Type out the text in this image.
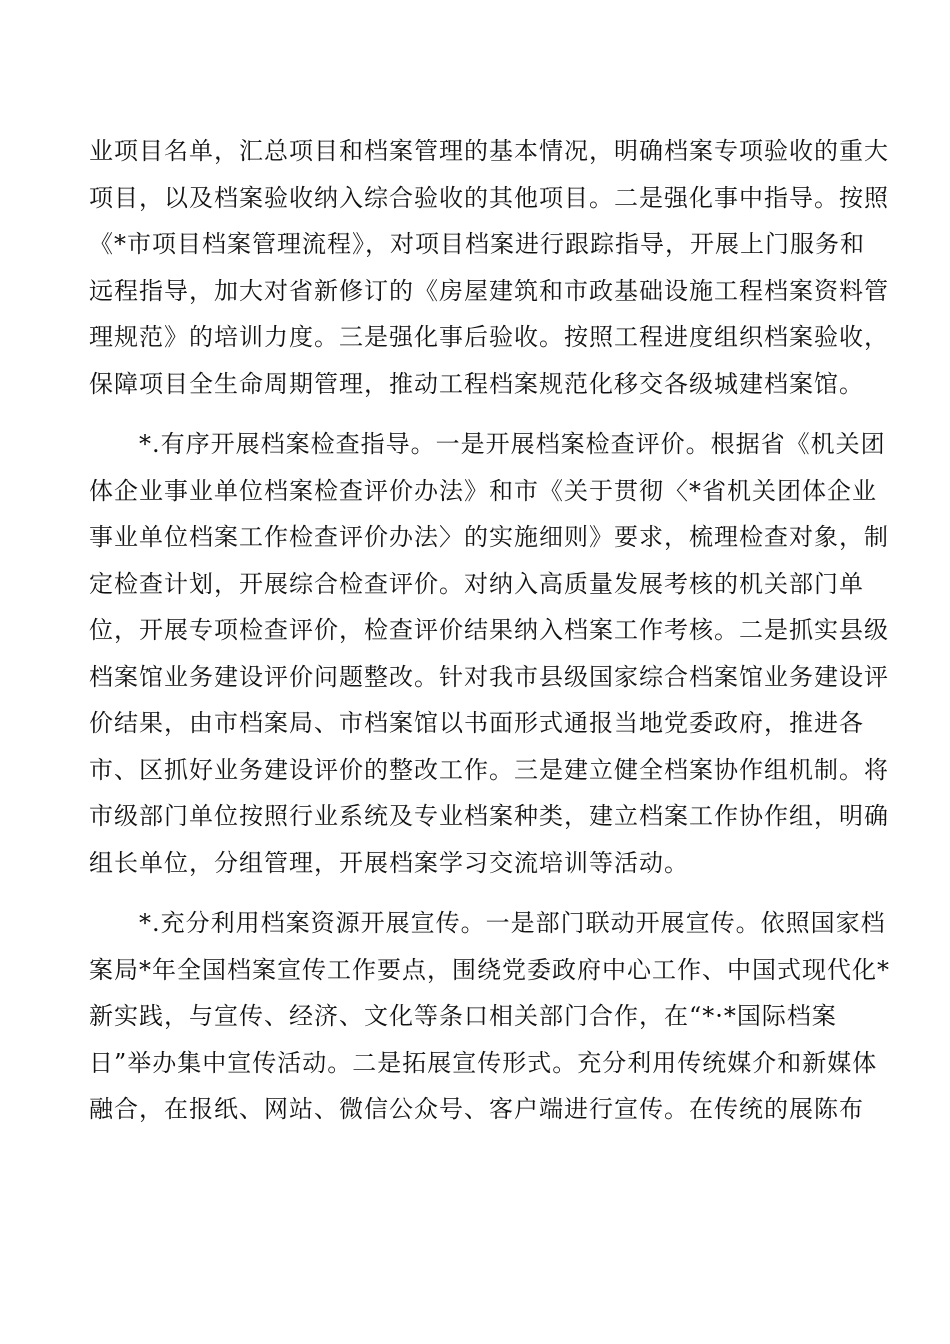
业项目名单，汇总项目和档案管理的基本情况，明确档案专项验收的重大
项目，以及档案验收纳入综合验收的其他项目。二是强化事中指导。按照
《*市项目档案管理流程》，对项目档案进行跟踪指导，开展上门服务和
远程指导，加大对省新修订的《房屋建筑和市政基础设施工程档案资料管
理规范》的培训力度。三是强化事后验收。按照工程进度组织档案验收，
保障项目全生命周期管理，推动工程档案规范化移交各级城建档案馆。
*.有序开展档案检查指导。一是开展档案检查评价。根据省《机关团
体企业事业单位档案检查评价办法》和市《关于贯彻〈*省机关团体企业
事业单位档案工作检查评价办法〉的实施细则》要求，梳理检查对象，制
定检查计划，开展综合检查评价。对纳入高质量发展考核的机关部门单
位，开展专项检查评价，检查评价结果纳入档案工作考核。二是抓实县级
档案馆业务建设评价问题整改。针对我市县级国家综合档案馆业务建设评
价结果，由市档案局、市档案馆以书面形式通报当地党委政府，推进各
市、区抓好业务建设评价的整改工作。三是建立健全档案协作组机制。将
市级部门单位按照行业系统及专业档案种类，建立档案工作协作组，明确
组长单位，分组管理，开展档案学习交流培训等活动。
*.充分利用档案资源开展宣传。一是部门联动开展宣传。依照国家档
案局*年全国档案宣传工作要点，围绕党委政府中心工作、中国式现代化*
新实践，与宣传、经济、文化等条口相关部门合作，在“*·*国际档案
日”举办集中宣传活动。二是拓展宣传形式。充分利用传统媒介和新媒体
融合，在报纸、网站、微信公众号、客户端进行宣传。在传统的展陈布
